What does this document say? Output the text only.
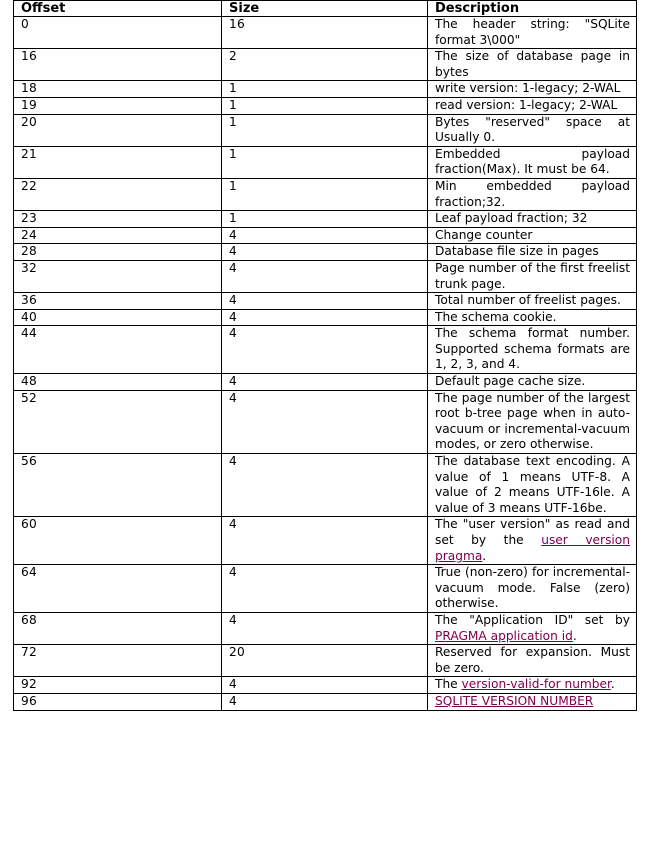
Offset	Size	Description
0	16	The header string: "SQLite format 3\000"
16	2	The size of database page in bytes
18	1	write version: 1-legacy; 2-WAL
19	1	read version: 1-legacy; 2-WAL
20	1	Bytes "reserved" space at Usually 0.
21	1	Embedded payload fraction(Max). It must be 64.
22	1	Min embedded payload fraction;32.
23	1	Leaf payload fraction; 32
24	4	Change counter
28	4	Database file size in pages
32	4	Page number of the first freelist trunk page.
36	4	Total number of freelist pages.
40	4	The schema cookie.
44	4	The schema format number. Supported schema formats are 1, 2, 3, and 4.
48	4	Default page cache size.
52	4	The page number of the largest root b-tree page when in auto-vacuum or incremental-vacuum modes, or zero otherwise.
56	4	The database text encoding. A value of 1 means UTF-8. A value of 2 means UTF-16le. A value of 3 means UTF-16be.
60	4	The "user version" as read and set by the user version pragma.
64	4	True (non-zero) for incremental-vacuum mode. False (zero) otherwise.
68	4	The "Application ID" set by PRAGMA application id.
72	20	Reserved for expansion. Must be zero.
92	4	The version-valid-for number.
96	4	SQLITE VERSION NUMBER
